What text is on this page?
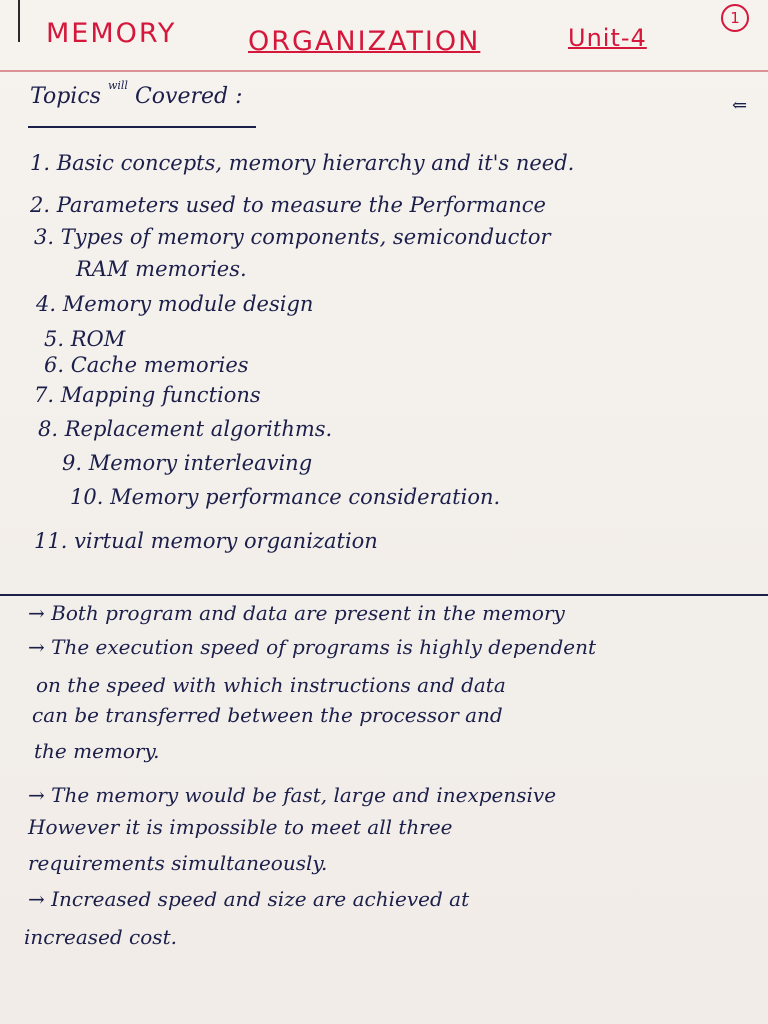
MEMORY	ORGANIZATION	Unit-4
1
Topics $^{will}$ Covered :	⇐
1. Basic concepts, memory hierarchy and it's need.
2. Parameters used to measure the Performance
3. Types of memory components, semiconductor
RAM memories.
4. Memory module design
5. ROM
6. Cache memories
7. Mapping functions
8. Replacement algorithms.
9. Memory interleaving
10. Memory performance consideration.
11. virtual memory organization
→ Both program and data are present in the memory
→ The execution speed of programs is highly dependent
on the speed with which instructions and data
can be transferred between the processor and
the memory.
→ The memory would be fast, large and inexpensive
However it is impossible to meet all three
requirements simultaneously.
→ Increased speed and size are achieved at
increased cost.
